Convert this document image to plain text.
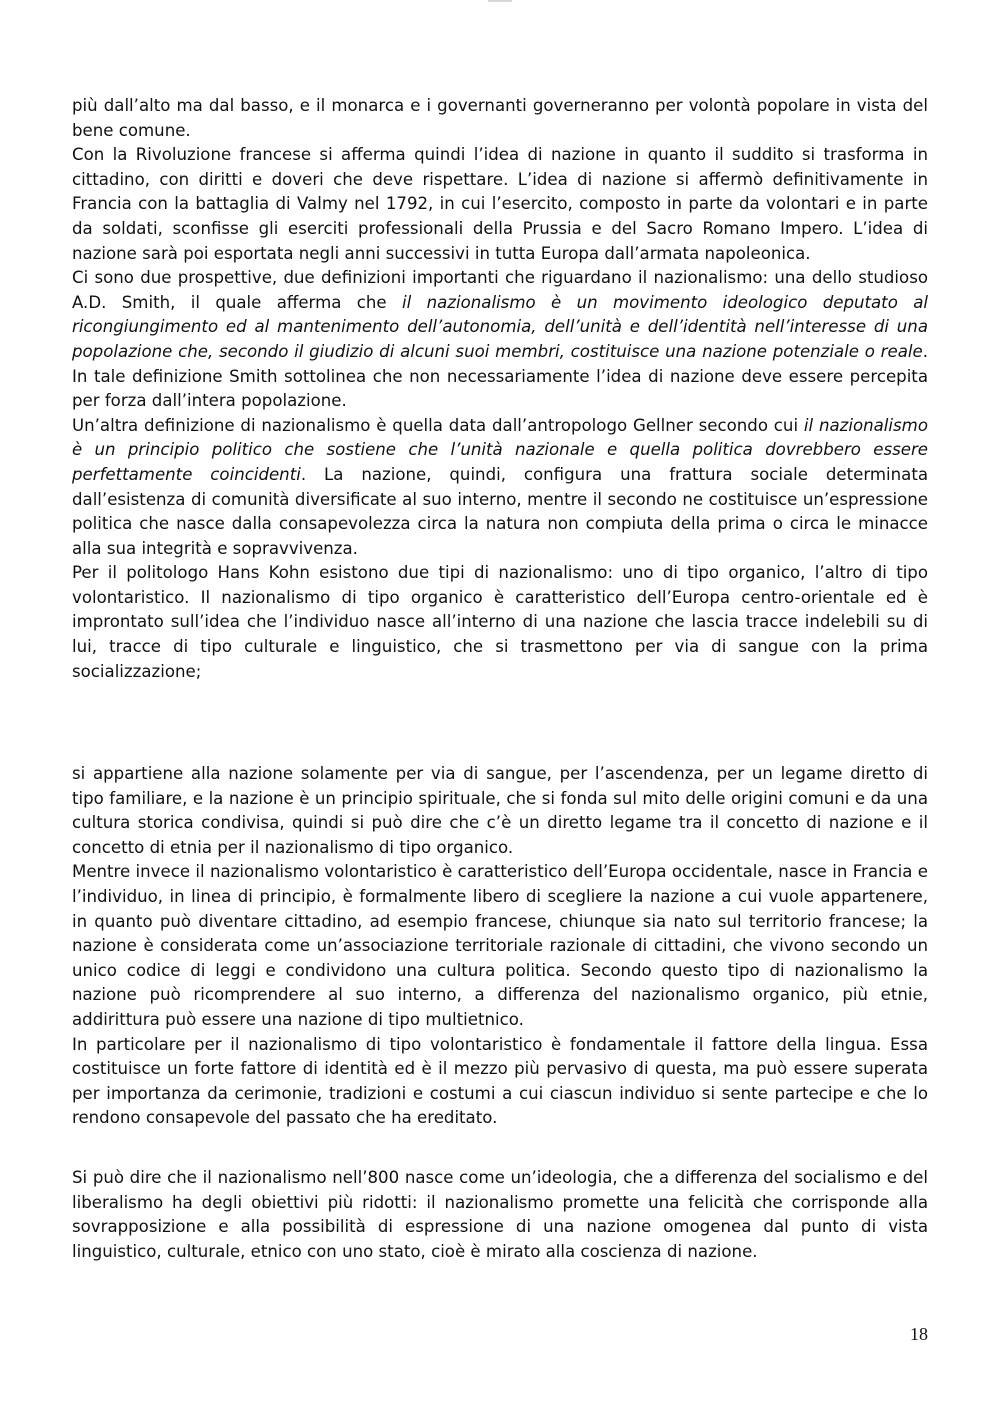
più dall’alto ma dal basso, e il monarca e i governanti governeranno per volontà popolare in vista del bene comune.

Con la Rivoluzione francese si afferma quindi l’idea di nazione in quanto il suddito si trasforma in cittadino, con diritti e doveri che deve rispettare. L’idea di nazione si affermò definitivamente in Francia con la battaglia di Valmy nel 1792, in cui l’esercito, composto in parte da volontari e in parte da soldati, sconfisse gli eserciti professionali della Prussia e del Sacro Romano Impero. L’idea di nazione sarà poi esportata negli anni successivi in tutta Europa dall’armata napoleonica.

Ci sono due prospettive, due definizioni importanti che riguardano il nazionalismo: una dello studioso A.D. Smith, il quale afferma che il nazionalismo è un movimento ideologico deputato al ricongiungimento ed al mantenimento dell’autonomia, dell’unità e dell’identità nell’interesse di una popolazione che, secondo il giudizio di alcuni suoi membri, costituisce una nazione potenziale o reale. In tale definizione Smith sottolinea che non necessariamente l’idea di nazione deve essere percepita per forza dall’intera popolazione.

Un’altra definizione di nazionalismo è quella data dall’antropologo Gellner secondo cui il nazionalismo è un principio politico che sostiene che l’unità nazionale e quella politica dovrebbero essere perfettamente coincidenti. La nazione, quindi, configura una frattura sociale determinata dall’esistenza di comunità diversificate al suo interno, mentre il secondo ne costituisce un’espressione politica che nasce dalla consapevolezza circa la natura non compiuta della prima o circa le minacce alla sua integrità e sopravvivenza.

Per il politologo Hans Kohn esistono due tipi di nazionalismo: uno di tipo organico, l’altro di tipo volontaristico. Il nazionalismo di tipo organico è caratteristico dell’Europa centro-orientale ed è improntato sull’idea che l’individuo nasce all’interno di una nazione che lascia tracce indelebili su di lui, tracce di tipo culturale e linguistico, che si trasmettono per via di sangue con la prima socializzazione;

si appartiene alla nazione solamente per via di sangue, per l’ascendenza, per un legame diretto di tipo familiare, e la nazione è un principio spirituale, che si fonda sul mito delle origini comuni e da una cultura storica condivisa, quindi si può dire che c’è un diretto legame tra il concetto di nazione e il concetto di etnia per il nazionalismo di tipo organico.

Mentre invece il nazionalismo volontaristico è caratteristico dell’Europa occidentale, nasce in Francia e l’individuo, in linea di principio, è formalmente libero di scegliere la nazione a cui vuole appartenere, in quanto può diventare cittadino, ad esempio francese, chiunque sia nato sul territorio francese; la nazione è considerata come un’associazione territoriale razionale di cittadini, che vivono secondo un unico codice di leggi e condividono una cultura politica. Secondo questo tipo di nazionalismo la nazione può ricomprendere al suo interno, a differenza del nazionalismo organico, più etnie, addirittura può essere una nazione di tipo multietnico.

In particolare per il nazionalismo di tipo volontaristico è fondamentale il fattore della lingua. Essa costituisce un forte fattore di identità ed è il mezzo più pervasivo di questa, ma può essere superata per importanza da cerimonie, tradizioni e costumi a cui ciascun individuo si sente partecipe e che lo rendono consapevole del passato che ha ereditato.

Si può dire che il nazionalismo nell’800 nasce come un’ideologia, che a differenza del socialismo e del liberalismo ha degli obiettivi più ridotti: il nazionalismo promette una felicità che corrisponde alla sovrapposizione e alla possibilità di espressione di una nazione omogenea dal punto di vista linguistico, culturale, etnico con uno stato, cioè è mirato alla coscienza di nazione.

18
